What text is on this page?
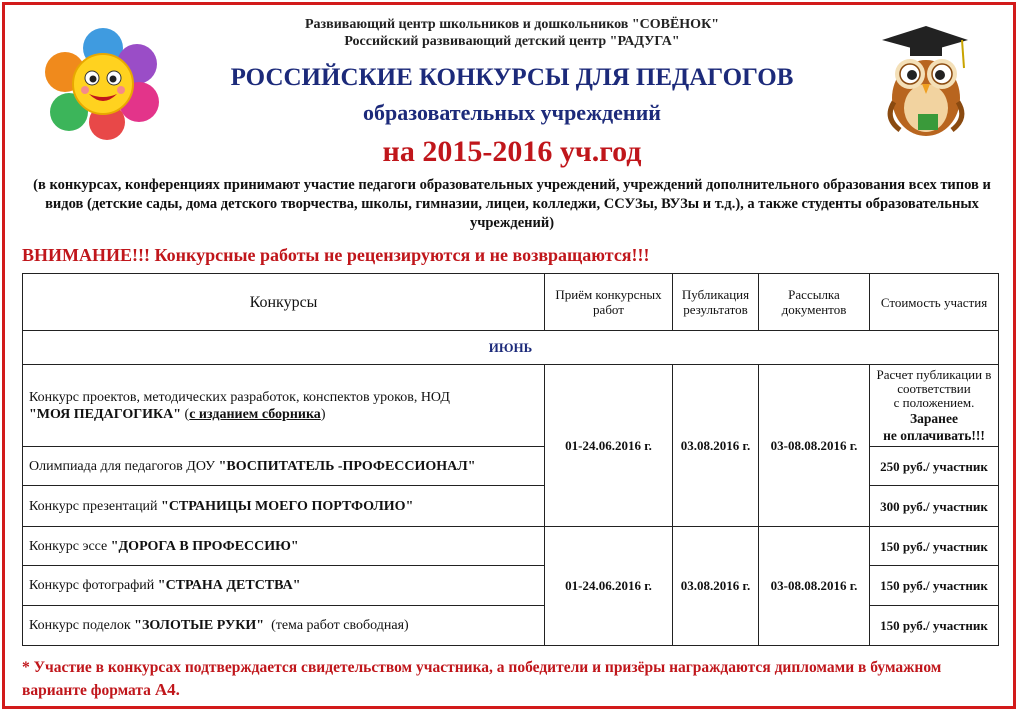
Развивающий центр школьников и дошкольников "СОВЁНОК"
Российский развивающий детский центр "РАДУГА"
РОССИЙСКИЕ КОНКУРСЫ ДЛЯ ПЕДАГОГОВ
образовательных учреждений
на 2015-2016 уч.год
(в конкурсах, конференциях принимают участие педагоги образовательных учреждений, учреждений дополнительного образования всех типов и видов (детские сады, дома детского творчества, школы, гимназии, лицеи, колледжи, ССУЗы, ВУЗы и т.д.), а также студенты образовательных учреждений)
ВНИМАНИЕ!!! Конкурсные работы не рецензируются и не возвращаются!!!
Конкурсы	Приём конкурсных работ	Публикация результатов	Рассылка документов	Стоимость участия
ИЮНЬ				
Конкурс проектов, методических разработок, конспектов уроков, НОД
"МОЯ ПЕДАГОГИКА" (с изданием сборника)	01-24.06.2016 г.	03.08.2016 г.	03-08.08.2016 г.	Расчет публикации в соответствии
с положением.
Заранее
не оплачивать!!!
Олимпиада для педагогов ДОУ "ВОСПИТАТЕЛЬ -ПРОФЕССИОНАЛ"				250 руб./ участник
Конкурс презентаций "СТРАНИЦЫ МОЕГО ПОРТФОЛИО"				300 руб./ участник
Конкурс эссе "ДОРОГА В ПРОФЕССИЮ"	01-24.06.2016 г.	03.08.2016 г.	03-08.08.2016 г.	150 руб./ участник
Конкурс фотографий "СТРАНА ДЕТСТВА"				150 руб./ участник
Конкурс поделок "ЗОЛОТЫЕ РУКИ" (тема работ свободная)				150 руб./ участник
* Участие в конкурсах подтверждается свидетельством участника, а победители и призёры награждаются дипломами в бумажном варианте формата А4.
